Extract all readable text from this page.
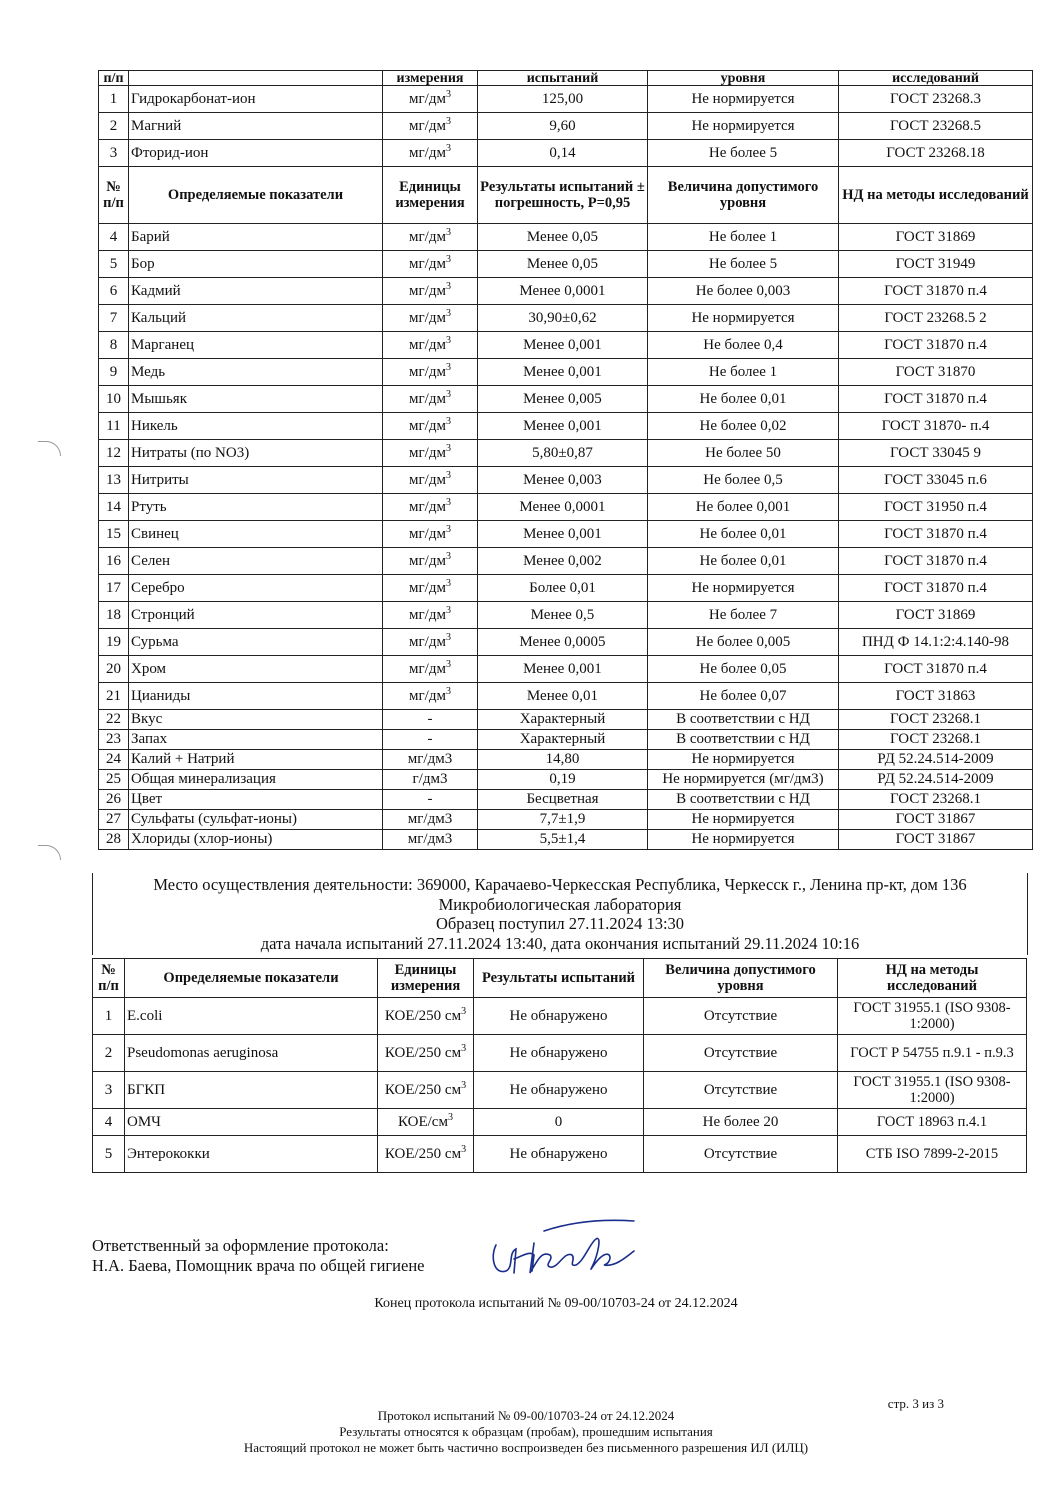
п/п		измерения	испытаний	уровня	исследований
1	Гидрокарбонат-ион	$мг/дм^3$	125,00	Не нормируется	ГОСТ 23268.3
2	Магний	$мг/дм^3$	9,60	Не нормируется	ГОСТ 23268.5
3	Фторид-ион	$мг/дм^3$	0,14	Не более 5	ГОСТ 23268.18
№ п/п	Определяемые показатели	Единицы измерения	Результаты испытаний ± погрешность, P=0,95	Величина допустимого уровня	НД на методы исследований
4	Барий	$мг/дм^3$	Менее 0,05	Не более 1	ГОСТ 31869
5	Бор	$мг/дм^3$	Менее 0,05	Не более 5	ГОСТ 31949
6	Кадмий	$мг/дм^3$	Менее 0,0001	Не более 0,003	ГОСТ 31870 п.4
7	Кальций	$мг/дм^3$	30,90±0,62	Не нормируется	ГОСТ 23268.5 2
8	Марганец	$мг/дм^3$	Менее 0,001	Не более 0,4	ГОСТ 31870 п.4
9	Медь	$мг/дм^3$	Менее 0,001	Не более 1	ГОСТ 31870
10	Мышьяк	$мг/дм^3$	Менее 0,005	Не более 0,01	ГОСТ 31870 п.4
11	Никель	$мг/дм^3$	Менее 0,001	Не более 0,02	ГОСТ 31870- п.4
12	Нитраты (по NO3)	$мг/дм^3$	5,80±0,87	Не более 50	ГОСТ 33045 9
13	Нитриты	$мг/дм^3$	Менее 0,003	Не более 0,5	ГОСТ 33045 п.6
14	Ртуть	$мг/дм^3$	Менее 0,0001	Не более 0,001	ГОСТ 31950 п.4
15	Свинец	$мг/дм^3$	Менее 0,001	Не более 0,01	ГОСТ 31870 п.4
16	Селен	$мг/дм^3$	Менее 0,002	Не более 0,01	ГОСТ 31870 п.4
17	Серебро	$мг/дм^3$	Более 0,01	Не нормируется	ГОСТ 31870 п.4
18	Стронций	$мг/дм^3$	Менее 0,5	Не более 7	ГОСТ 31869
19	Сурьма	$мг/дм^3$	Менее 0,0005	Не более 0,005	ПНД Ф 14.1:2:4.140-98
20	Хром	$мг/дм^3$	Менее 0,001	Не более 0,05	ГОСТ 31870 п.4
21	Цианиды	$мг/дм^3$	Менее 0,01	Не более 0,07	ГОСТ 31863
22	Вкус	-	Характерный	В соответствии с НД	ГОСТ 23268.1
23	Запах	-	Характерный	В соответствии с НД	ГОСТ 23268.1
24	Калий + Натрий	мг/дм3	14,80	Не нормируется	РД 52.24.514-2009
25	Общая минерализация	г/дм3	0,19	Не нормируется (мг/дм3)	РД 52.24.514-2009
26	Цвет	-	Бесцветная	В соответствии с НД	ГОСТ 23268.1
27	Сульфаты (сульфат-ионы)	мг/дм3	7,7±1,9	Не нормируется	ГОСТ 31867
28	Хлориды (хлор-ионы)	мг/дм3	5,5±1,4	Не нормируется	ГОСТ 31867
Место осуществления деятельности: 369000, Карачаево-Черкесская Республика, Черкесск г., Ленина пр-кт, дом 136
Микробиологическая лаборатория
Образец поступил 27.11.2024 13:30
дата начала испытаний 27.11.2024 13:40, дата окончания испытаний 29.11.2024 10:16
№ п/п	Определяемые показатели	Единицы измерения	Результаты испытаний	Величина допустимого уровня	НД на методы исследований
1	E.coli	КОЕ/250 $см^3$	Не обнаружено	Отсутствие	ГОСТ 31955.1 (ISO 9308-1:2000)
2	Pseudomonas aeruginosa	КОЕ/250 $см^3$	Не обнаружено	Отсутствие	ГОСТ Р 54755 п.9.1 - п.9.3
3	БГКП	КОЕ/250 $см^3$	Не обнаружено	Отсутствие	ГОСТ 31955.1 (ISO 9308-1:2000)
4	ОМЧ	КОЕ/$см^3$	0	Не более 20	ГОСТ 18963 п.4.1
5	Энтерококки	КОЕ/250 $см^3$	Не обнаружено	Отсутствие	СТБ ISO 7899-2-2015
Ответственный за оформление протокола:
Н.А. Баева, Помощник врача по общей гигиене
Конец протокола испытаний № 09-00/10703-24 от 24.12.2024
стр. 3 из 3
Протокол испытаний № 09-00/10703-24 от 24.12.2024
Результаты относятся к образцам (пробам), прошедшим испытания
Настоящий протокол не может быть частично воспроизведен без письменного разрешения ИЛ (ИЛЦ)
